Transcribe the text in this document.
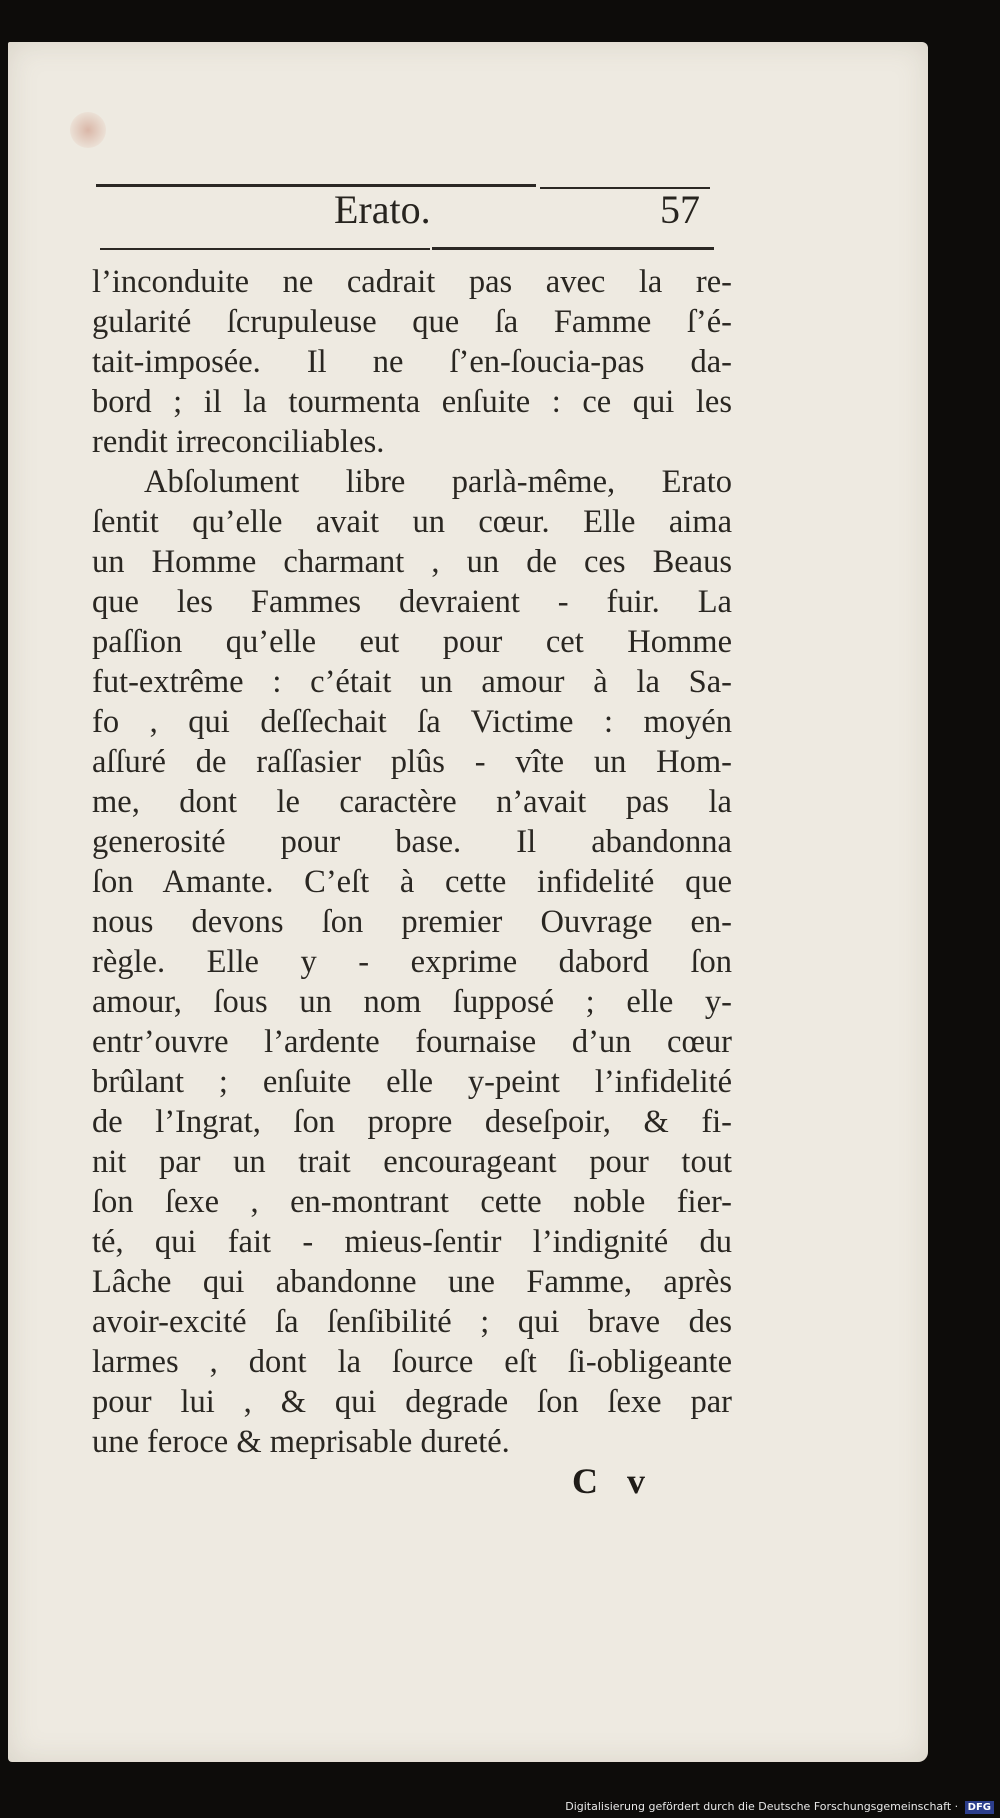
Erato.	57
l’inconduite ne cadrait pas avec la re-
gularité ſcrupuleuse que ſa Famme ſ’é-
tait-imposée. Il ne ſ’en-ſoucia-pas da-
bord ; il la tourmenta enſuite : ce qui les
rendit irreconciliables.
Abſolument libre parlà-même, Erato
ſentit qu’elle avait un cœur. Elle aima
un Homme charmant , un de ces Beaus
que les Fammes devraient - fuir. La
paſſion qu’elle eut pour cet Homme
fut-extrême : c’était un amour à la Sa-
fo , qui deſſechait ſa Victime : moyén
aſſuré de raſſasier plûs - vîte un Hom-
me, dont le caractère n’avait pas la
generosité pour base. Il abandonna
ſon Amante. C’eſt à cette infidelité que
nous devons ſon premier Ouvrage en-
règle. Elle y - exprime dabord ſon
amour, ſous un nom ſupposé ; elle y-
entr’ouvre l’ardente fournaise d’un cœur
brûlant ; enſuite elle y-peint l’infidelité
de l’Ingrat, ſon propre deseſpoir, & fi-
nit par un trait encourageant pour tout
ſon ſexe , en-montrant cette noble fier-
té, qui fait - mieus-ſentir l’indignité du
Lâche qui abandonne une Famme, après
avoir-excité ſa ſenſibilité ; qui brave des
larmes , dont la ſource eſt ſi-obligeante
pour lui , & qui degrade ſon ſexe par
une feroce & meprisable dureté.
C v
Digitalisierung gefördert durch die Deutsche Forschungsgemeinschaft · DFG
